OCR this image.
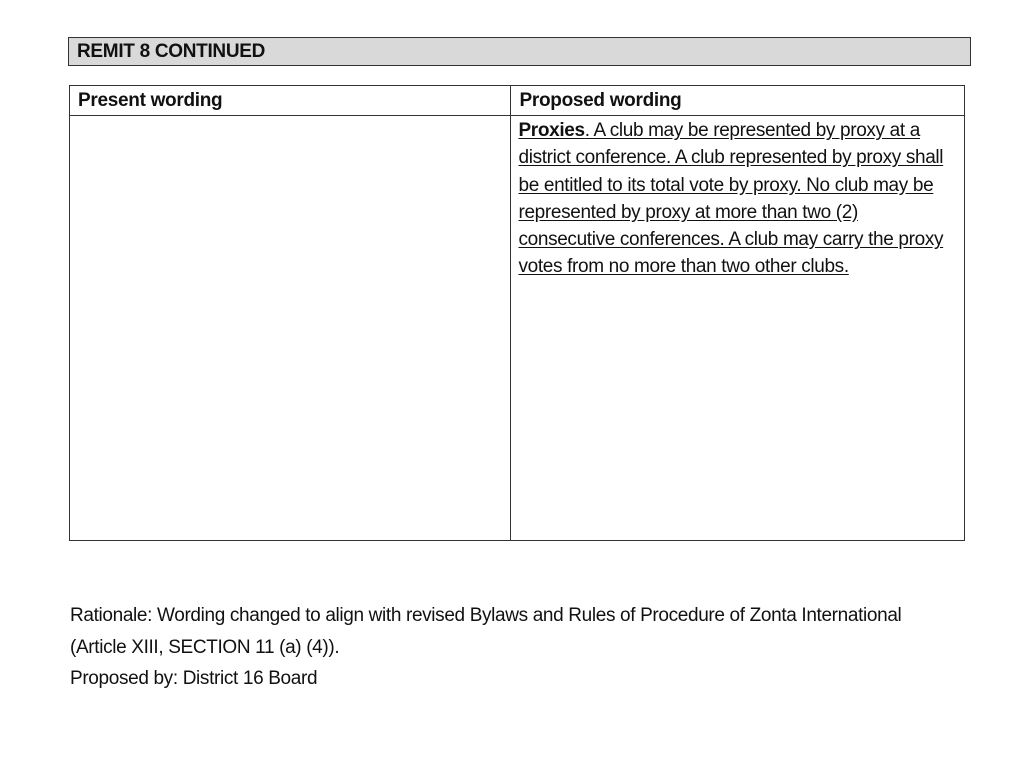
REMIT 8 CONTINUED
Present wording	Proposed wording
	Proxies. A club may be represented by proxy at a district conference. A club represented by proxy shall be entitled to its total vote by proxy. No club may be represented by proxy at more than two (2) consecutive conferences. A club may carry the proxy votes from no more than two other clubs.

Rationale: Wording changed to align with revised Bylaws and Rules of Procedure of Zonta International

(Article XIII, SECTION 11 (a) (4)).

Proposed by: District 16 Board
